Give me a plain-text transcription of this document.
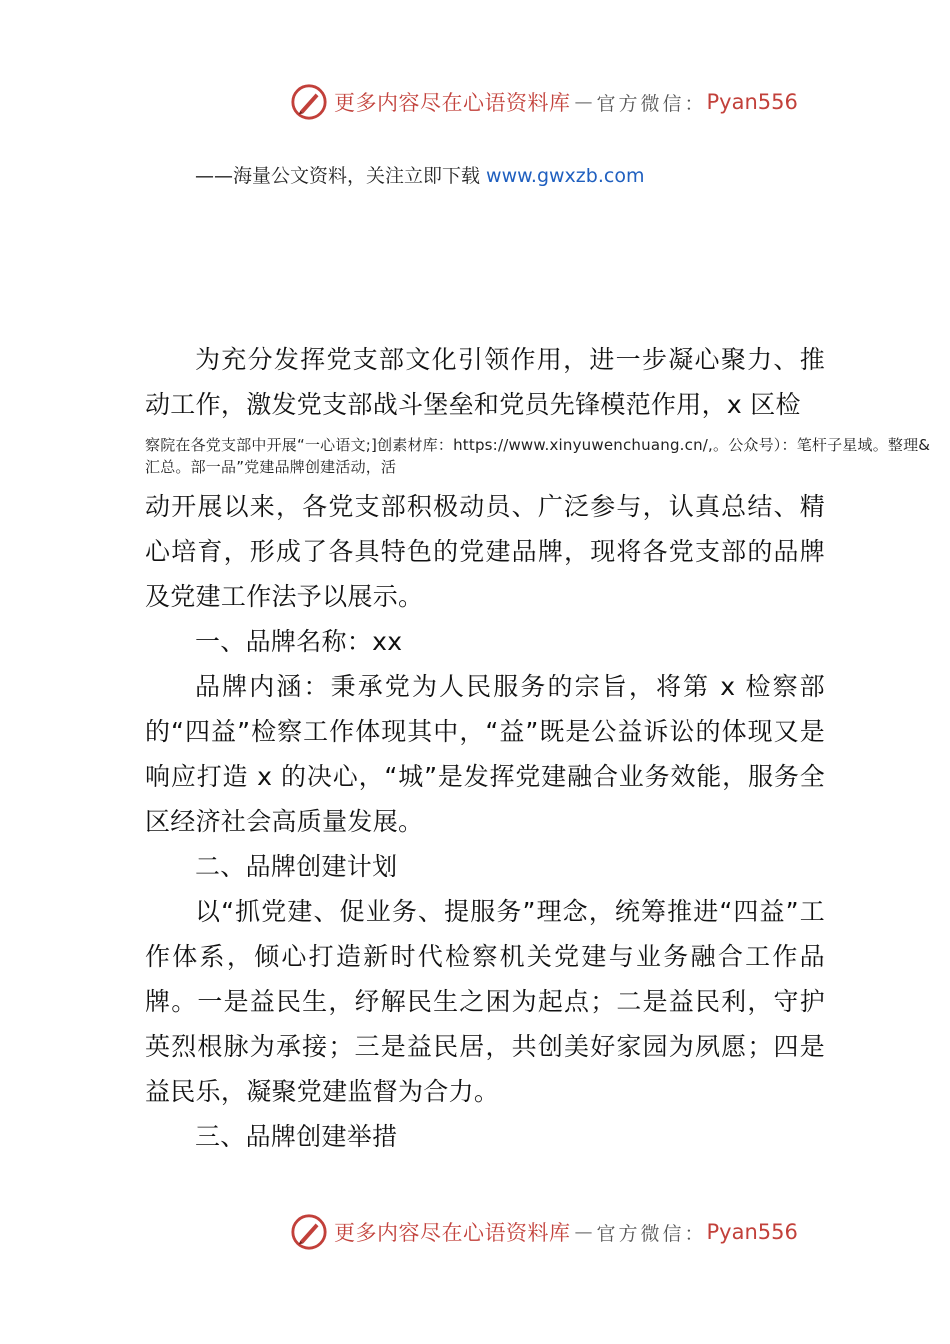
更多内容尽在心语资料库 — 官方微信： Pyan556
——海量公文资料，关注立即下载 www.gwxzb.com

为充分发挥党支部文化引领作用，进一步凝心聚力、推动工作，激发党支部战斗堡垒和党员先锋模范作用，x 区检

察院在各党支部中开展“一心语文;]创素材库：https://www.xinyuwenchuang.cn/,。公众号）：笔杆子星域。整理&汇总。部一品”党建品牌创建活动，活

动开展以来，各党支部积极动员、广泛参与，认真总结、精心培育，形成了各具特色的党建品牌，现将各党支部的品牌及党建工作法予以展示。

一、品牌名称：xx

品牌内涵：秉承党为人民服务的宗旨，将第 x 检察部的“四益”检察工作体现其中，“益”既是公益诉讼的体现又是响应打造 x 的决心，“城”是发挥党建融合业务效能，服务全区经济社会高质量发展。

二、品牌创建计划

以“抓党建、促业务、提服务”理念，统筹推进“四益”工作体系，倾心打造新时代检察机关党建与业务融合工作品牌。一是益民生，纾解民生之困为起点；二是益民利，守护英烈根脉为承接；三是益民居，共创美好家园为夙愿；四是益民乐，凝聚党建监督为合力。

三、品牌创建举措

更多内容尽在心语资料库 — 官方微信： Pyan556
